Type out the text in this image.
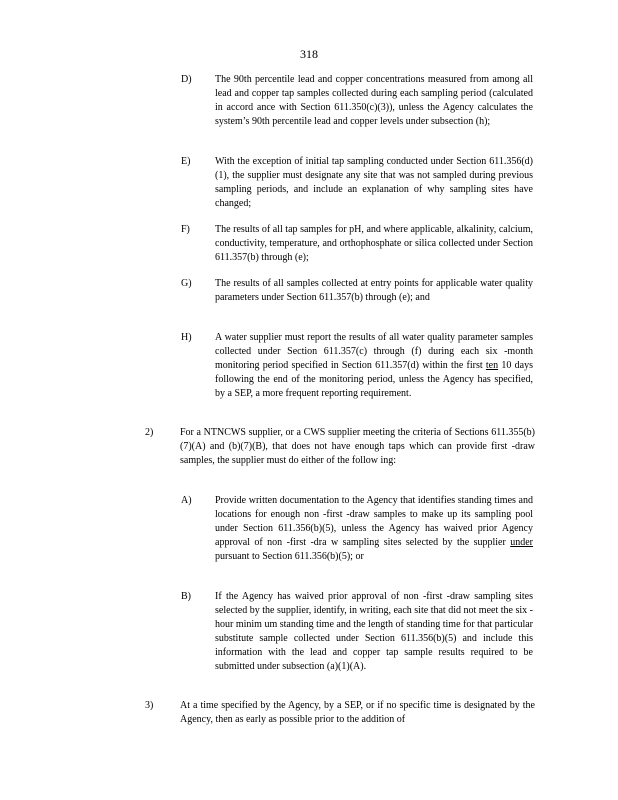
318
D) The 90th percentile lead and copper concentrations measured from among all lead and copper tap samples collected during each sampling period (calculated in accord ance with Section 611.350(c)(3)), unless the Agency calculates the system’s 90th percentile lead and copper levels under subsection (h);
E) With the exception of initial tap sampling conducted under Section 611.356(d)(1), the supplier must designate any site that was not sampled during previous sampling periods, and include an explanation of why sampling sites have changed;
F)	The results of all tap samples for pH, and where applicable, alkalinity, calcium, conductivity, temperature, and orthophosphate or silica collected under Section 611.357(b) through (e);
G) The results of all samples collected at entry points for applicable water quality parameters under Section 611.357(b) through (e); and
H) A water supplier must report the results of all water quality parameter samples collected under Section 611.357(c) through (f) during each six -month monitoring period specified in Section 611.357(d) within the first ten 10 days following the end of the monitoring period, unless the Agency has specified, by a SEP, a more frequent reporting requirement.
2)	For a NTNCWS supplier, or a CWS supplier meeting the criteria of Sections 611.355(b)(7)(A) and (b)(7)(B), that does not have enough taps which can provide first -draw samples, the supplier must do either of the follow ing:
A) Provide written documentation to the Agency that identifies standing times and locations for enough non -first -draw samples to make up its sampling pool under Section 611.356(b)(5), unless the Agency has waived prior Agency approval of non -first -dra w sampling sites selected by the supplier under pursuant to Section 611.356(b)(5); or
B) If the Agency has waived prior approval of non -first -draw sampling sites selected by the supplier, identify, in writing, each site that did not meet the six -hour minim um standing time and the length of standing time for that particular substitute sample collected under Section 611.356(b)(5) and include this information with the lead and copper tap sample results required to be submitted under subsection (a)(1)(A).
3)	At a time specified by the Agency, by a SEP, or if no specific time is designated by the Agency, then as early as possible prior to the addition of
